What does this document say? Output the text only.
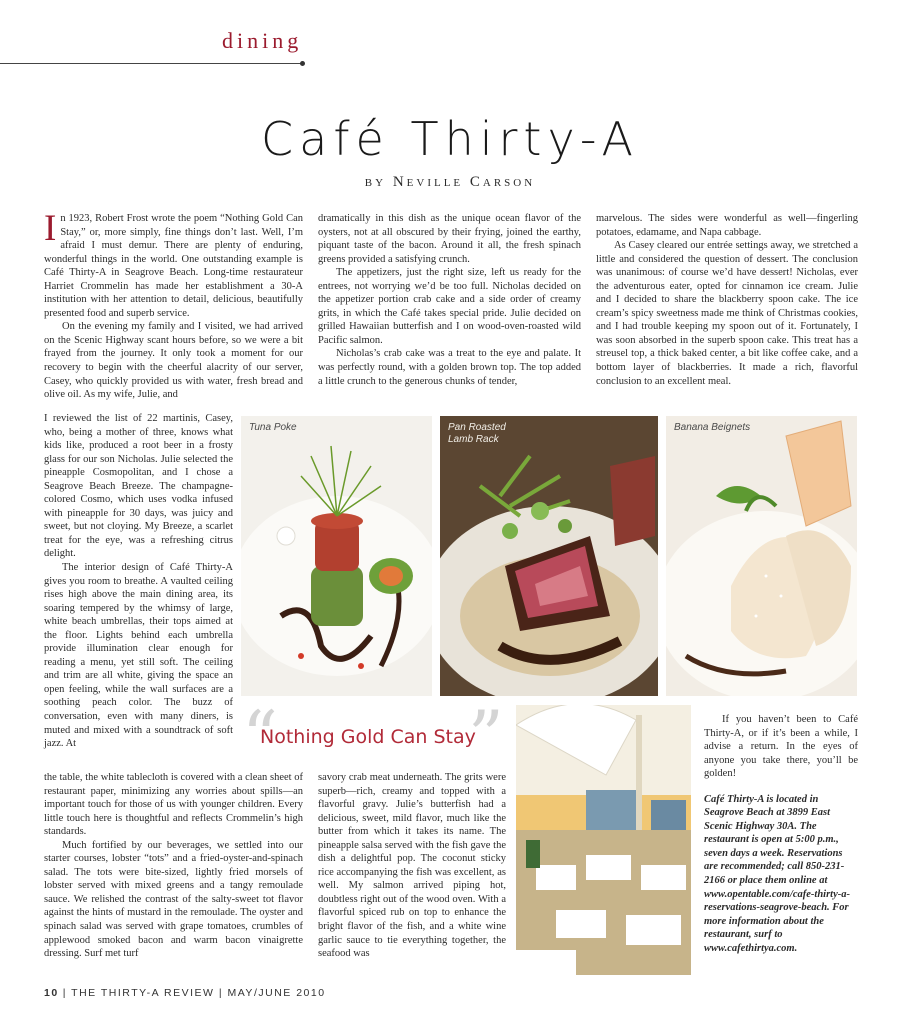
dining
Café Thirty-A
by Neville Carson

In 1923, Robert Frost wrote the poem “Nothing Gold Can Stay,” or, more simply, fine things don’t last. Well, I’m afraid I must demur. There are plenty of enduring, wonderful things in the world. One outstanding example is Café Thirty-A in Seagrove Beach. Long-time restaurateur Harriet Crommelin has made her establishment a 30-A institution with her attention to detail, delicious, beautifully presented food and superb service.

On the evening my family and I visited, we had arrived on the Scenic Highway scant hours before, so we were a bit frayed from the journey. It only took a moment for our recovery to begin with the cheerful alacrity of our server, Casey, who quickly provided us with water, fresh bread and olive oil. As my wife, Julie, and

dramatically in this dish as the unique ocean flavor of the oysters, not at all obscured by their frying, joined the earthy, piquant taste of the bacon. Around it all, the fresh spinach greens provided a satisfying crunch.

The appetizers, just the right size, left us ready for the entrees, not worrying we’d be too full. Nicholas decided on the appetizer portion crab cake and a side order of creamy grits, in which the Café takes special pride. Julie decided on grilled Hawaiian butterfish and I on wood-oven-roasted wild Pacific salmon.

Nicholas’s crab cake was a treat to the eye and palate. It was perfectly round, with a golden brown top. The top added a little crunch to the generous chunks of tender,

marvelous. The sides were wonderful as well—fingerling potatoes, edamame, and Napa cabbage.

As Casey cleared our entrée settings away, we stretched a little and considered the question of dessert. The conclusion was unanimous: of course we’d have dessert! Nicholas, ever the adventurous eater, opted for cinnamon ice cream. Julie and I decided to share the blackberry spoon cake. The ice cream’s spicy sweetness made me think of Christmas cookies, and I had trouble keeping my spoon out of it. Fortunately, I was soon absorbed in the superb spoon cake. This treat has a streusel top, a thick baked center, a bit like coffee cake, and a bottom layer of blackberries. It made a rich, flavorful conclusion to an excellent meal.

I reviewed the list of 22 martinis, Casey, who, being a mother of three, knows what kids like, produced a root beer in a frosty glass for our son Nicholas. Julie selected the pineapple Cosmopolitan, and I chose a Seagrove Beach Breeze. The champagne-colored Cosmo, which uses vodka infused with pineapple for 30 days, was juicy and sweet, but not cloying. My Breeze, a scarlet treat for the eye, was a refreshing citrus delight.

The interior design of Café Thirty-A gives you room to breathe. A vaulted ceiling rises high above the main dining area, its soaring tempered by the whimsy of large, white beach umbrellas, their tops aimed at the floor. Lights behind each umbrella provide illumination clear enough for reading a menu, yet still soft. The ceiling and trim are all white, giving the space an open feeling, while the wall surfaces are a soothing peach color. The buzz of conversation, even with many diners, is muted and mixed with a soundtrack of soft jazz. At

Tuna Poke	Pan Roasted
Lamb Rack
Banana Beignets
“	”
Nothing Gold Can Stay

the table, the white tablecloth is covered with a clean sheet of restaurant paper, minimizing any worries about spills—an important touch for those of us with younger children. Every little touch here is thoughtful and reflects Crommelin’s high standards.

Much fortified by our beverages, we settled into our starter courses, lobster “tots” and a fried-oyster-and-spinach salad. The tots were bite-sized, lightly fried morsels of lobster served with mixed greens and a tangy remoulade sauce. We relished the contrast of the salty-sweet tot flavor against the hints of mustard in the remoulade. The oyster and spinach salad was served with grape tomatoes, crumbles of applewood smoked bacon and warm bacon vinaigrette dressing. Surf met turf

savory crab meat underneath. The grits were superb—rich, creamy and topped with a flavorful gravy. Julie’s butterfish had a delicious, sweet, mild flavor, much like the butter from which it takes its name. The pineapple salsa served with the fish gave the dish a delightful pop. The coconut sticky rice accompanying the fish was excellent, as well. My salmon arrived piping hot, doubtless right out of the wood oven. With a flavorful spiced rub on top to enhance the bright flavor of the fish, and a white wine garlic sauce to tie everything together, the seafood was

If you haven’t been to Café Thirty-A, or if it’s been a while, I advise a return. In the eyes of anyone you take there, you’ll be golden!

Café Thirty-A is located in Seagrove Beach at 3899 East Scenic Highway 30A. The restaurant is open at 5:00 p.m., seven days a week. Reservations are recommended; call 850-231-2166 or place them online at www.opentable.com/cafe-thirty-a-reservations-seagrove-beach. For more information about the restaurant, surf to www.cafethirtya.com.

10 | THE THIRTY-A REVIEW | MAY/JUNE 2010
